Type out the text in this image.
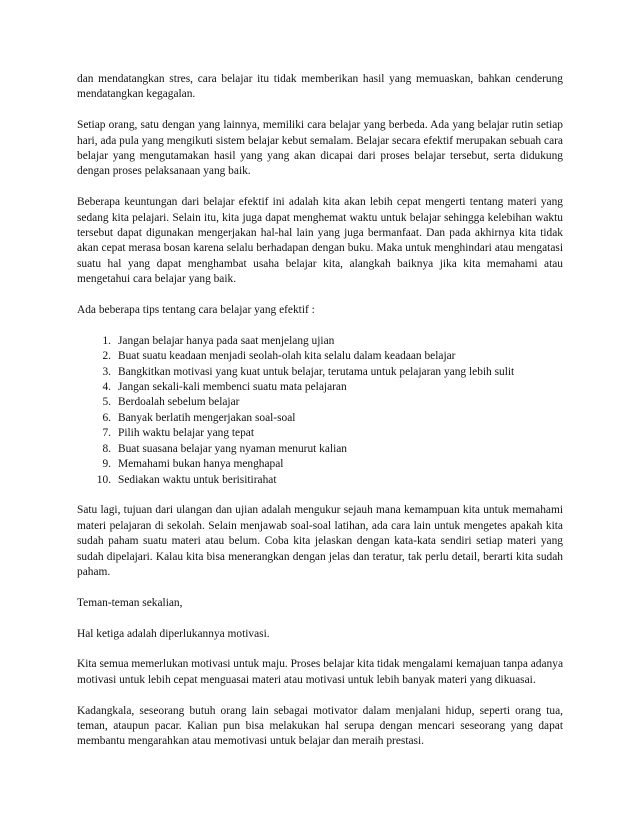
dan mendatangkan stres, cara belajar itu tidak memberikan hasil yang memuaskan, bahkan cenderung mendatangkan kegagalan.

Setiap orang, satu dengan yang lainnya, memiliki cara belajar yang berbeda. Ada yang belajar rutin setiap hari, ada pula yang mengikuti sistem belajar kebut semalam. Belajar secara efektif merupakan sebuah cara belajar yang mengutamakan hasil yang yang akan dicapai dari proses belajar tersebut, serta didukung dengan proses pelaksanaan yang baik.

Beberapa keuntungan dari belajar efektif ini adalah kita akan lebih cepat mengerti tentang materi yang sedang kita pelajari. Selain itu, kita juga dapat menghemat waktu untuk belajar sehingga kelebihan waktu tersebut dapat digunakan mengerjakan hal-hal lain yang juga bermanfaat. Dan pada akhirnya kita tidak akan cepat merasa bosan karena selalu berhadapan dengan buku. Maka untuk menghindari atau mengatasi suatu hal yang dapat menghambat usaha belajar kita, alangkah baiknya jika kita memahami atau mengetahui cara belajar yang baik.

Ada beberapa tips tentang cara belajar yang efektif :

1. Jangan belajar hanya pada saat menjelang ujian
2. Buat suatu keadaan menjadi seolah-olah kita selalu dalam keadaan belajar
3. Bangkitkan motivasi yang kuat untuk belajar, terutama untuk pelajaran yang lebih sulit
4. Jangan sekali-kali membenci suatu mata pelajaran
5. Berdoalah sebelum belajar
6. Banyak berlatih mengerjakan soal-soal
7. Pilih waktu belajar yang tepat
8. Buat suasana belajar yang nyaman menurut kalian
9. Memahami bukan hanya menghapal
10. Sediakan waktu untuk berisitirahat

Satu lagi, tujuan dari ulangan dan ujian adalah mengukur sejauh mana kemampuan kita untuk memahami materi pelajaran di sekolah. Selain menjawab soal-soal latihan, ada cara lain untuk mengetes apakah kita sudah paham suatu materi atau belum. Coba kita jelaskan dengan kata-kata sendiri setiap materi yang sudah dipelajari. Kalau kita bisa menerangkan dengan jelas dan teratur, tak perlu detail, berarti kita sudah paham.

Teman-teman sekalian,

Hal ketiga adalah diperlukannya motivasi.

Kita semua memerlukan motivasi untuk maju. Proses belajar kita tidak mengalami kemajuan tanpa adanya motivasi untuk lebih cepat menguasai materi atau motivasi untuk lebih banyak materi yang dikuasai.

Kadangkala, seseorang butuh orang lain sebagai motivator dalam menjalani hidup, seperti orang tua, teman, ataupun pacar. Kalian pun bisa melakukan hal serupa dengan mencari seseorang yang dapat membantu mengarahkan atau memotivasi untuk belajar dan meraih prestasi.
